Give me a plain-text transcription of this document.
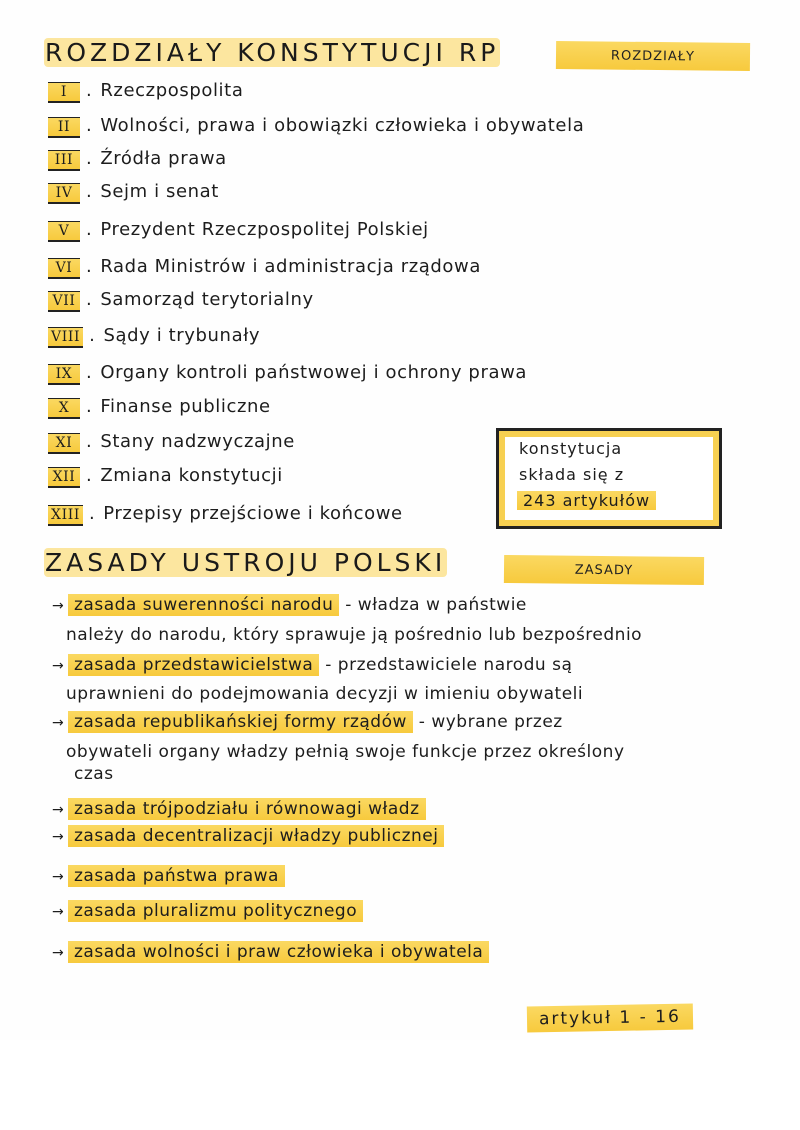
ROZDZIAŁY KONSTYTUCJI RP	ROZDZIAŁY
I	. Rzeczpospolita
II . Wolności, prawa i obowiązki człowieka i obywatela
III . Źródła prawa
IV . Sejm i senat
V . Prezydent Rzeczpospolitej Polskiej
VI . Rada Ministrów i administracja rządowa
VII . Samorząd terytorialny
VIII . Sądy i trybunały
IX . Organy kontroli państwowej i ochrony prawa
X . Finanse publiczne
XI . Stany nadzwyczajne
XII . Zmiana konstytucji
XIII . Przepisy przejściowe i końcowe
konstytucja
składa się z
243 artykułów
ZASADY USTROJU POLSKI	ZASADY
→ zasada suwerenności narodu - władza w państwie
należy do narodu, który sprawuje ją pośrednio lub bezpośrednio
→ zasada przedstawicielstwa - przedstawiciele narodu są
uprawnieni do podejmowania decyzji w imieniu obywateli
→ zasada republikańskiej formy rządów - wybrane przez
obywateli organy władzy pełnią swoje funkcje przez określony
czas
→ zasada trójpodziału i równowagi władz
→ zasada decentralizacji władzy publicznej
→ zasada państwa prawa
→ zasada pluralizmu politycznego
→ zasada wolności i praw człowieka i obywatela
artykuł 1 - 16
